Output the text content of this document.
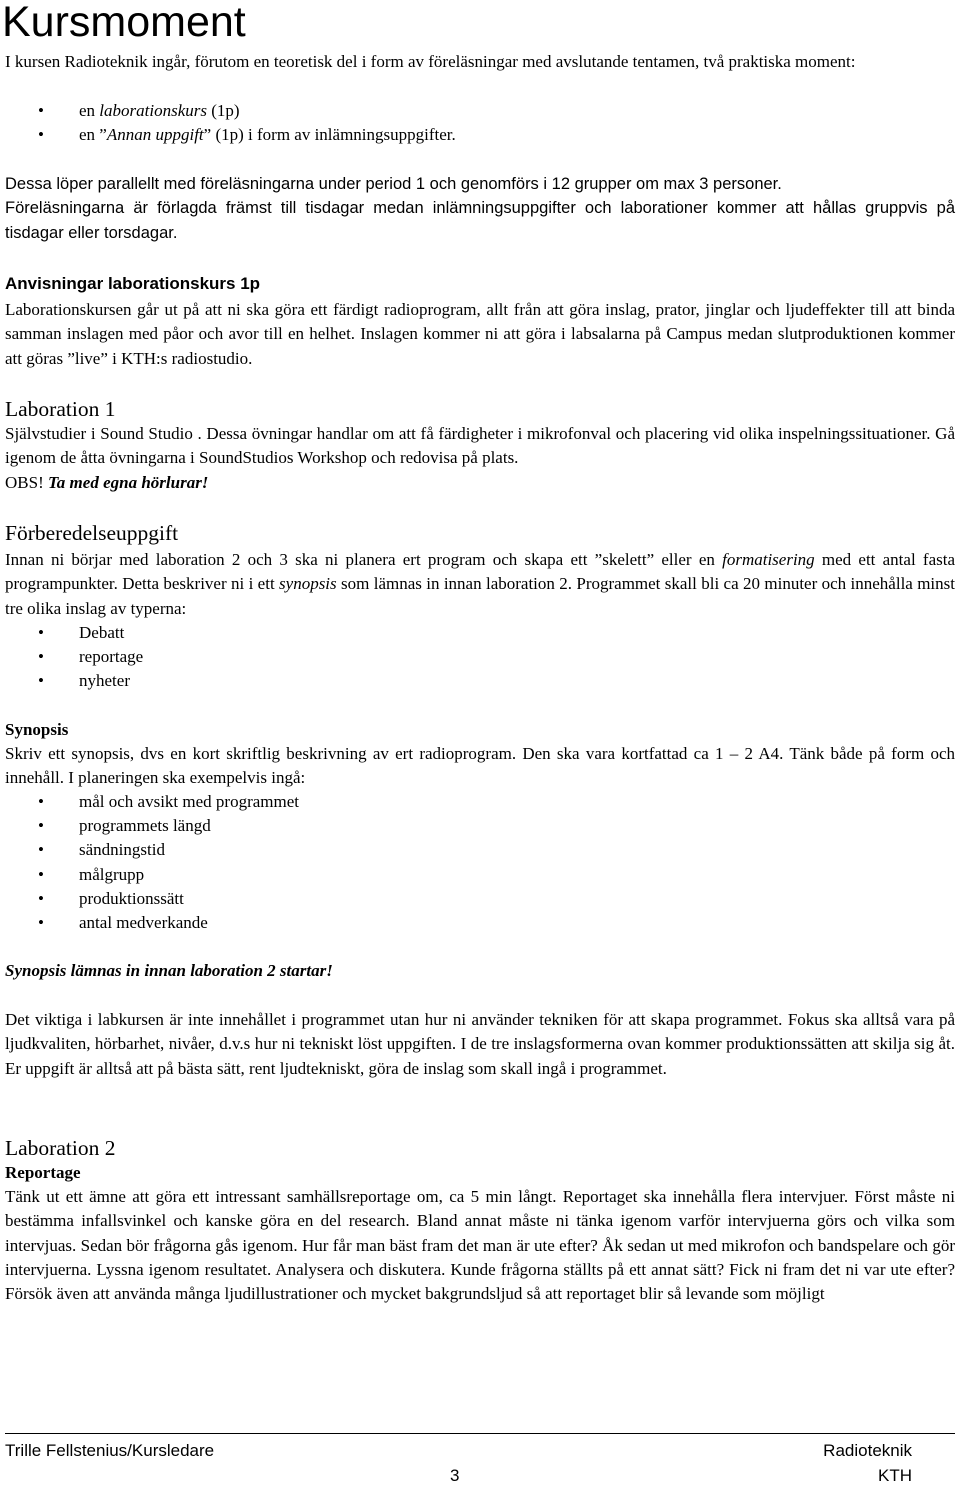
Kursmoment

I kursen Radioteknik ingår, förutom en teoretisk del i form av föreläsningar med avslutande tentamen, två praktiska moment:

• en laborationskurs (1p)
• en ”Annan uppgift” (1p) i form av inlämningsuppgifter.

Dessa löper parallellt med föreläsningarna under period 1 och genomförs i 12 grupper om max 3 personer.

Föreläsningarna är förlagda främst till tisdagar medan inlämningsuppgifter och laborationer kommer att hållas gruppvis på tisdagar eller torsdagar.

Anvisningar laborationskurs 1p

Laborationskursen går ut på att ni ska göra ett färdigt radioprogram, allt från att göra inslag, prator, jinglar och ljudeffekter till att binda samman inslagen med påor och avor till en helhet. Inslagen kommer ni att göra i labsalarna på Campus medan slutproduktionen kommer att göras ”live” i KTH:s radiostudio.

Laboration 1

Självstudier i Sound Studio . Dessa övningar handlar om att få färdigheter i mikrofonval och placering vid olika inspelningssituationer. Gå igenom de åtta övningarna i SoundStudios Workshop och redovisa på plats.

OBS! Ta med egna hörlurar!
Förberedelseuppgift

Innan ni börjar med laboration 2 och 3 ska ni planera ert program och skapa ett ”skelett” eller en formatisering med ett antal fasta programpunkter. Detta beskriver ni i ett synopsis som lämnas in innan laboration 2. Programmet skall bli ca 20 minuter och innehålla minst tre olika inslag av typerna:

• Debatt
• reportage
• nyheter
Synopsis

Skriv ett synopsis, dvs en kort skriftlig beskrivning av ert radioprogram. Den ska vara kortfattad ca 1 – 2 A4. Tänk både på form och innehåll. I planeringen ska exempelvis ingå:

• mål och avsikt med programmet
• programmets längd
• sändningstid
• målgrupp
• produktionssätt
• antal medverkande
Synopsis lämnas in innan laboration 2 startar!

Det viktiga i labkursen är inte innehållet i programmet utan hur ni använder tekniken för att skapa programmet. Fokus ska alltså vara på ljudkvaliten, hörbarhet, nivåer, d.v.s hur ni tekniskt löst uppgiften. I de tre inslagsformerna ovan kommer produktionssätten att skilja sig åt. Er uppgift är alltså att på bästa sätt, rent ljudtekniskt, göra de inslag som skall ingå i programmet.

Laboration 2
Reportage

Tänk ut ett ämne att göra ett intressant samhällsreportage om, ca 5 min långt. Reportaget ska innehålla flera intervjuer. Först måste ni bestämma infallsvinkel och kanske göra en del research. Bland annat måste ni tänka igenom varför intervjuerna görs och vilka som intervjuas. Sedan bör frågorna gås igenom. Hur får man bäst fram det man är ute efter? Åk sedan ut med mikrofon och bandspelare och gör intervjuerna. Lyssna igenom resultatet. Analysera och diskutera. Kunde frågorna ställts på ett annat sätt? Fick ni fram det ni var ute efter? Försök även att använda många ljudillustrationer och mycket bakgrundsljud så att reportaget blir så levande som möjligt

Trille Fellstenius/Kursledare	Radioteknik
3	KTH
